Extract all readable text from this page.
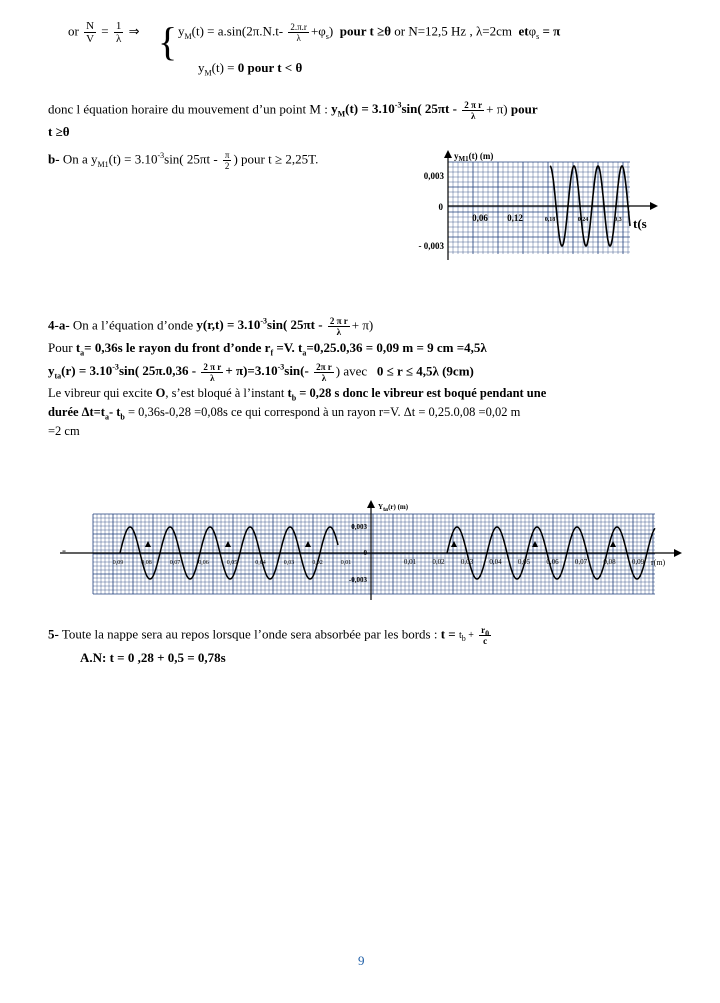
or $\frac{N}{V} = \frac{1}{\lambda}$ ⇒ { $y_M(t) = a.\sin(2\pi.N.t- \frac{2.\pi.r}{\lambda} +\varphi_s)$ pour t ≥θ or N=12,5 Hz , λ=2cm etφ$_s$ = π
$y_M(t) = 0$ pour t < θ
donc l équation horaire du mouvement d’un point M : $y_M(t) = 3.10^{-3}\sin$( $25\pi t - \frac{\text{2 π r}}{\lambda} + \pi$) pour
t ≥θ
b- On a $y_{M1}(t) = 3.10^{-3}\sin$( $25\pi t - \frac{\pi}{2}$ ) pour t ≥ 2,25T.	$y_{M1}(t)$ (m)
t(s
0,003
0
- 0,003
0,06 0,12	0,18	0,24	0,3
4-a- On a l’équation d’onde $y(r,t) = 3.10^{-3}\sin$( $25\pi t - \frac{\text{2 π r}}{\lambda} + \pi$)
Pour $t_a= 0,36s$ le rayon du front d’onde $r_f =V$. $t_a=0,25.0,36 = 0,09$ m = 9 cm =4,5λ
$y_{ta}(r) = 3.10^{-3}\sin$( $25\pi.0,36 - \frac{\text{2 π r}}{\lambda} + \pi)=3.10^{-3}\sin(- \frac{\text{2π r}}{\lambda}$ ) avec 0 ≤ r ≤ 4,5λ (9cm)
Le vibreur qui excite O, s’est bloqué à l’instant $t_b = 0,28$ s donc le vibreur est boqué pendant une
durée $\Delta t=t_a-$ $t_b = 0,36s-0,28 =0,08s$ ce qui correspond à un rayon r=V. Δt = 0,25.0,08 =0,02 m
=2 cm
Yta(r) (m)
r(m)
0,003
0
-0,003
-
0,01 0,02 0,03 0,04 0,05 0,06 0,07 0,08 0,09
0,09	0,08	0,07	0,06	0,05	0,04	0,03	0,02	0,01
5- Toute la nappe sera au repos lorsque l’onde sera absorbée par les bords : $t = t_b + \frac{r_0}{c}$
A.N: t = 0 ,28 + 0,5 = 0,78s
9
